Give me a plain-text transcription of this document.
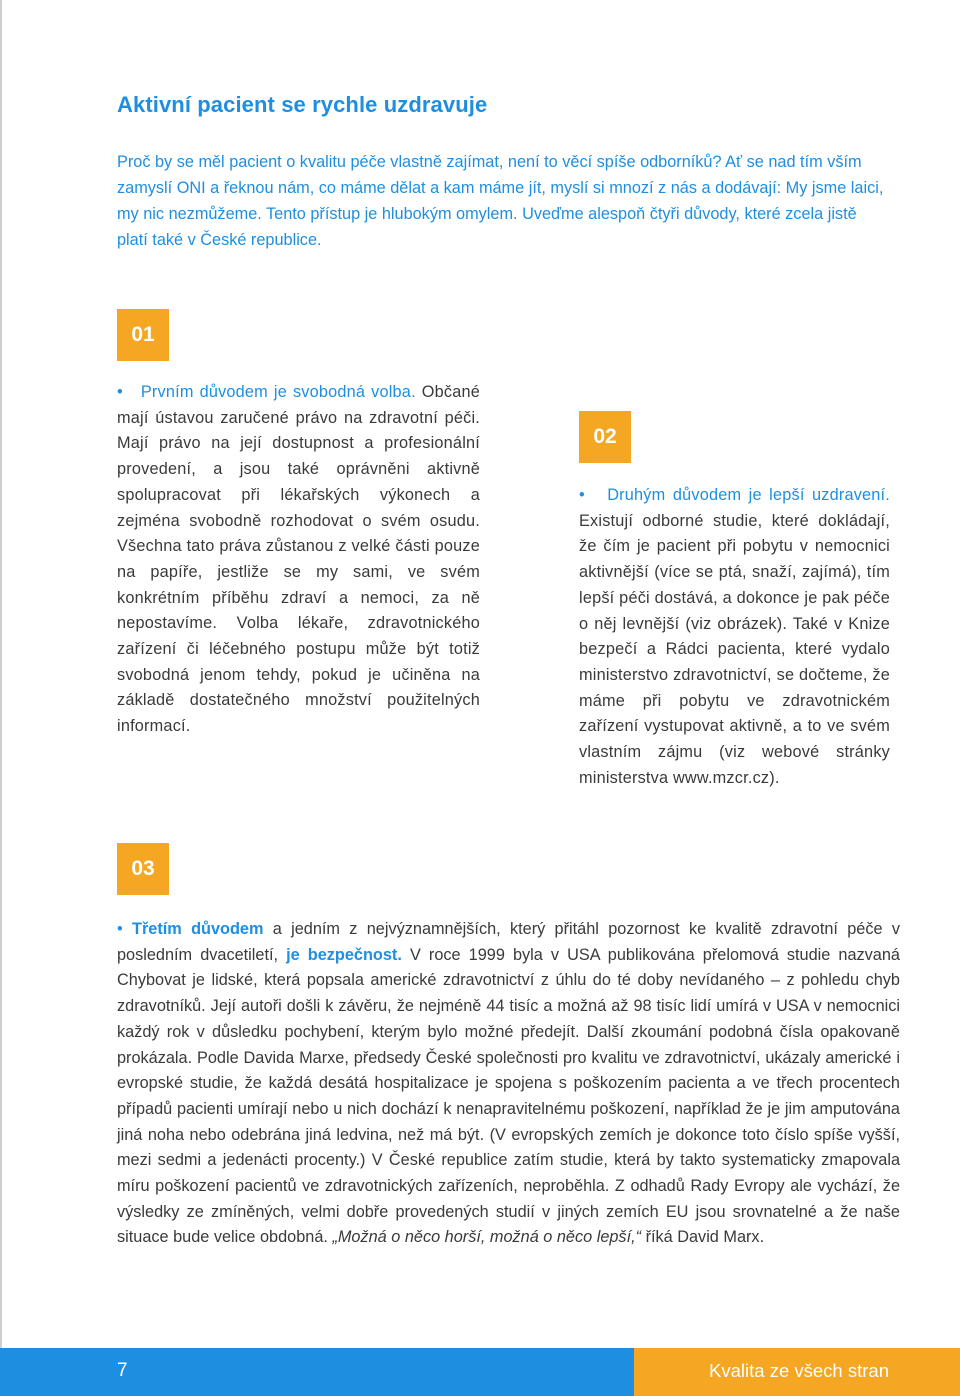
Aktivní pacient se rychle uzdravuje

Proč by se měl pacient o kvalitu péče vlastně zajímat, není to věcí spíše odborníků? Ať se nad tím vším zamyslí ONI a řeknou nám, co máme dělat a kam máme jít, myslí si mnozí z nás a dodávají: My jsme laici, my nic nezmůžeme. Tento přístup je hlubokým omylem. Uveďme alespoň čtyři důvody, které zcela jistě platí také v České republice.

01

• Prvním důvodem je svobodná volba. Občané mají ústavou zaručené právo na zdravotní péči. Mají právo na její dostupnost a profesionální provedení, a jsou také oprávněni aktivně spolupracovat při lékařských výkonech a zejména svobodně rozhodovat o svém osudu. Všechna tato práva zůstanou z velké části pouze na papíře, jestliže se my sami, ve svém konkrétním příběhu zdraví a nemoci, za ně nepostavíme. Volba lékaře, zdravotnického zařízení či léčebného postupu může být totiž svobodná jenom tehdy, pokud je učiněna na základě dostatečného množství použitelných informací.

02

• Druhým důvodem je lepší uzdravení. Existují odborné studie, které dokládají, že čím je pacient při pobytu v nemocnici aktivnější (více se ptá, snaží, zajímá), tím lepší péči dostává, a dokonce je pak péče o něj levnější (viz obrázek). Také v Knize bezpečí a Rádci pacienta, které vydalo ministerstvo zdravotnictví, se dočteme, že máme při pobytu ve zdravotnickém zařízení vystupovat aktivně, a to ve svém vlastním zájmu (viz webové stránky ministerstva www.mzcr.cz).

03

• Třetím důvodem a jedním z nejvýznamnějších, který přitáhl pozornost ke kvalitě zdravotní péče v posledním dvacetiletí, je bezpečnost. V roce 1999 byla v USA publikována přelomová studie nazvaná Chybovat je lidské, která popsala americké zdravotnictví z úhlu do té doby nevídaného – z pohledu chyb zdravotníků. Její autoři došli k závěru, že nejméně 44 tisíc a možná až 98 tisíc lidí umírá v USA v nemocnici každý rok v důsledku pochybení, kterým bylo možné předejít. Další zkoumání podobná čísla opakovaně prokázala. Podle Davida Marxe, předsedy České společnosti pro kvalitu ve zdravotnictví, ukázaly americké i evropské studie, že každá desátá hospitalizace je spojena s poškozením pacienta a ve třech procentech případů pacienti umírají nebo u nich dochází k nenapravitelnému poškození, například že je jim amputována jiná noha nebo odebrána jiná ledvina, než má být. (V evropských zemích je dokonce toto číslo spíše vyšší, mezi sedmi a jedenácti procenty.) V České republice zatím studie, která by takto systematicky zmapovala míru poškození pacientů ve zdravotnických zařízeních, neproběhla. Z odhadů Rady Evropy ale vychází, že výsledky ze zmíněných, velmi dobře provedených studií v jiných zemích EU jsou srovnatelné a že naše situace bude velice obdobná. „Možná o něco horší, možná o něco lepší,“ říká David Marx.

7	Kvalita ze všech stran
